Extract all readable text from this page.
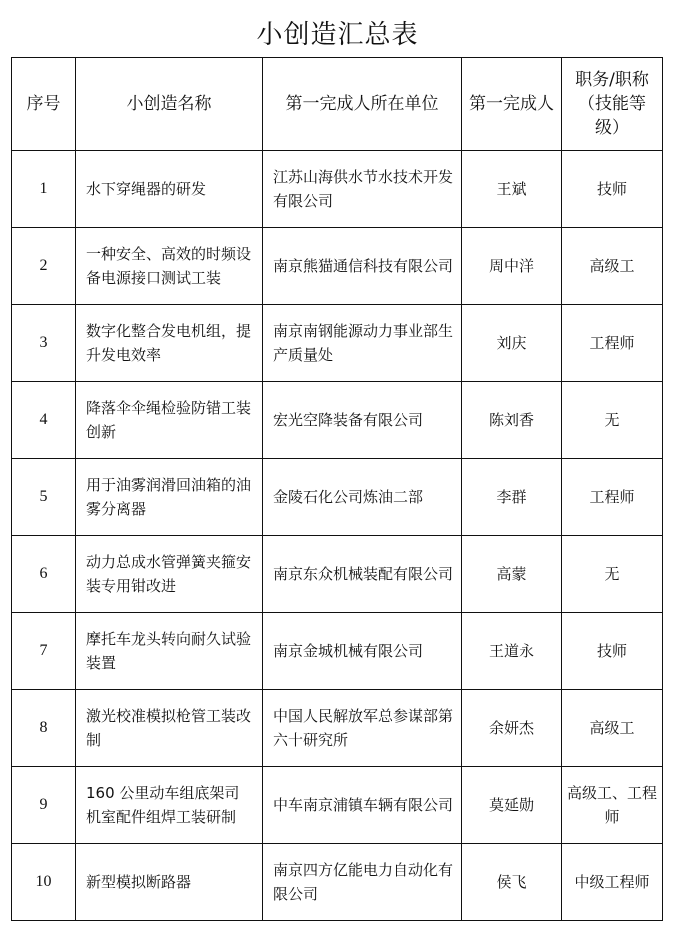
小创造汇总表
序号	小创造名称	第一完成人所在单位	第一完成人	职务/职称（技能等级）
1	水下穿绳器的研发	江苏山海供水节水技术开发有限公司	王斌	技师
2	一种安全、高效的时频设备电源接口测试工装	南京熊猫通信科技有限公司	周中洋	高级工
3	数字化整合发电机组，提升发电效率	南京南钢能源动力事业部生产质量处	刘庆	工程师
4	降落伞伞绳检验防错工装创新	宏光空降装备有限公司	陈刘香	无
5	用于油雾润滑回油箱的油雾分离器	金陵石化公司炼油二部	李群	工程师
6	动力总成水管弹簧夹箍安装专用钳改进	南京东众机械装配有限公司	高蒙	无
7	摩托车龙头转向耐久试验装置	南京金城机械有限公司	王道永	技师
8	激光校准模拟枪管工装改制	中国人民解放军总参谋部第六十研究所	余妍杰	高级工
9	160 公里动车组底架司机室配件组焊工装研制	中车南京浦镇车辆有限公司	莫延勋	高级工、工程师
10	新型模拟断路器	南京四方亿能电力自动化有限公司	侯飞	中级工程师
